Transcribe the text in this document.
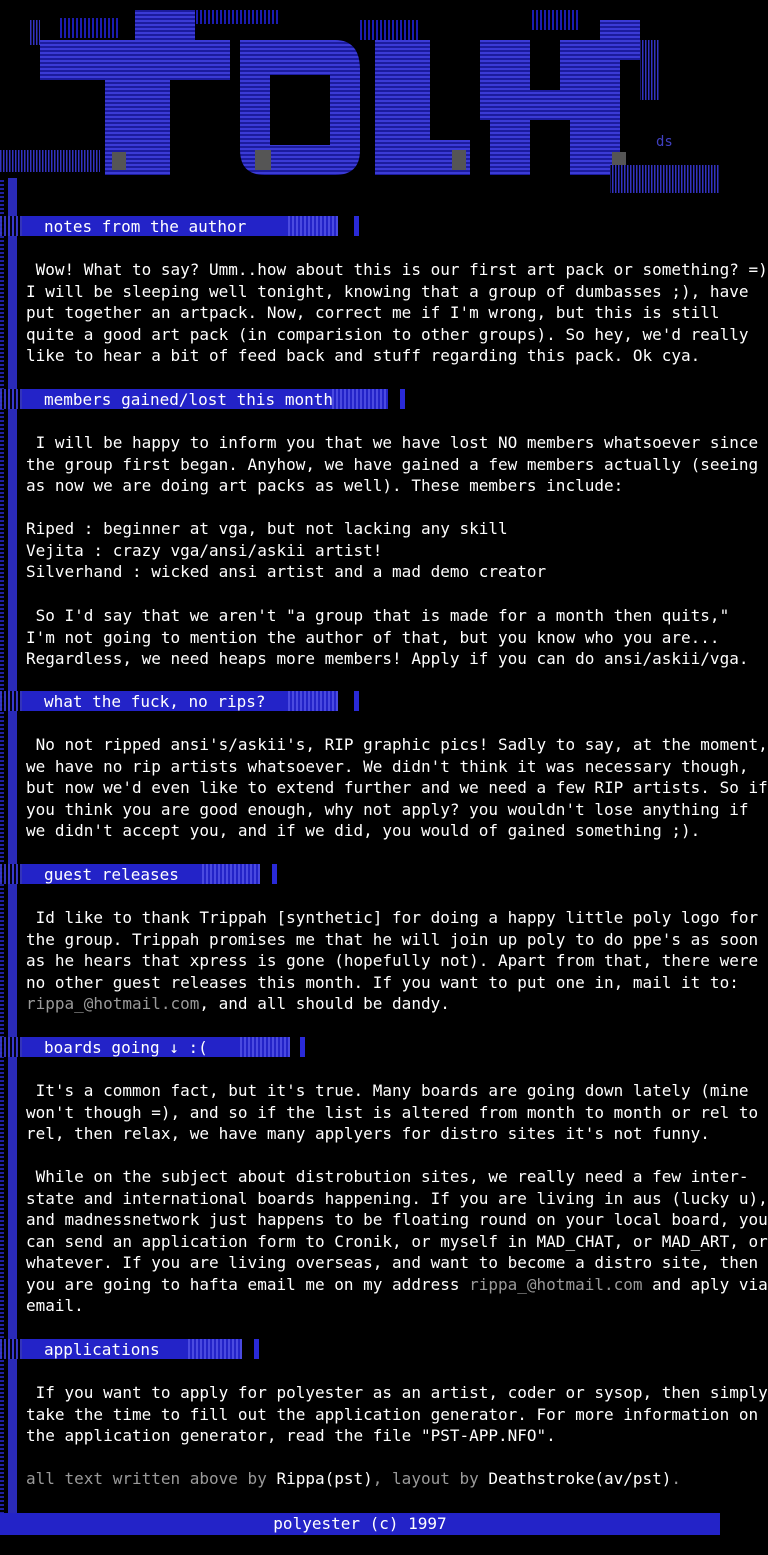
ds
notes from the author
Wow! What to say? Umm..how about this is our first art pack or something? =)
I will be sleeping well tonight, knowing that a group of dumbasses ;), have
put together an artpack. Now, correct me if I'm wrong, but this is still
quite a good art pack (in comparision to other groups). So hey, we'd really
like to hear a bit of feed back and stuff regarding this pack. Ok cya.
members gained/lost this month
I will be happy to inform you that we have lost NO members whatsoever since
the group first began. Anyhow, we have gained a few members actually (seeing
as now we are doing art packs as well). These members include:
Riped : beginner at vga, but not lacking any skill
Vejita : crazy vga/ansi/askii artist!
Silverhand : wicked ansi artist and a mad demo creator
So I'd say that we aren't "a group that is made for a month then quits,"
I'm not going to mention the author of that, but you know who you are...
Regardless, we need heaps more members! Apply if you can do ansi/askii/vga.
what the fuck, no rips?
No not ripped ansi's/askii's, RIP graphic pics! Sadly to say, at the moment,
we have no rip artists whatsoever. We didn't think it was necessary though,
but now we'd even like to extend further and we need a few RIP artists. So if
you think you are good enough, why not apply? you wouldn't lose anything if
we didn't accept you, and if we did, you would of gained something ;).
guest releases
Id like to thank Trippah [synthetic] for doing a happy little poly logo for
the group. Trippah promises me that he will join up poly to do ppe's as soon
as he hears that xpress is gone (hopefully not). Apart from that, there were
no other guest releases this month. If you want to put one in, mail it to:
rippa_@hotmail.com, and all should be dandy.
boards going ↓ :(
It's a common fact, but it's true. Many boards are going down lately (mine
won't though =), and so if the list is altered from month to month or rel to
rel, then relax, we have many applyers for distro sites it's not funny.
While on the subject about distrobution sites, we really need a few inter-
state and international boards happening. If you are living in aus (lucky u),
and madnessnetwork just happens to be floating round on your local board, you
can send an application form to Cronik, or myself in MAD_CHAT, or MAD_ART, or
whatever. If you are living overseas, and want to become a distro site, then
you are going to hafta email me on my address rippa_@hotmail.com and aply via
email.
applications
If you want to apply for polyester as an artist, coder or sysop, then simply
take the time to fill out the application generator. For more information on
the application generator, read the file "PST-APP.NFO".
all text written above by Rippa(pst), layout by Deathstroke(av/pst).
polyester (c) 1997
